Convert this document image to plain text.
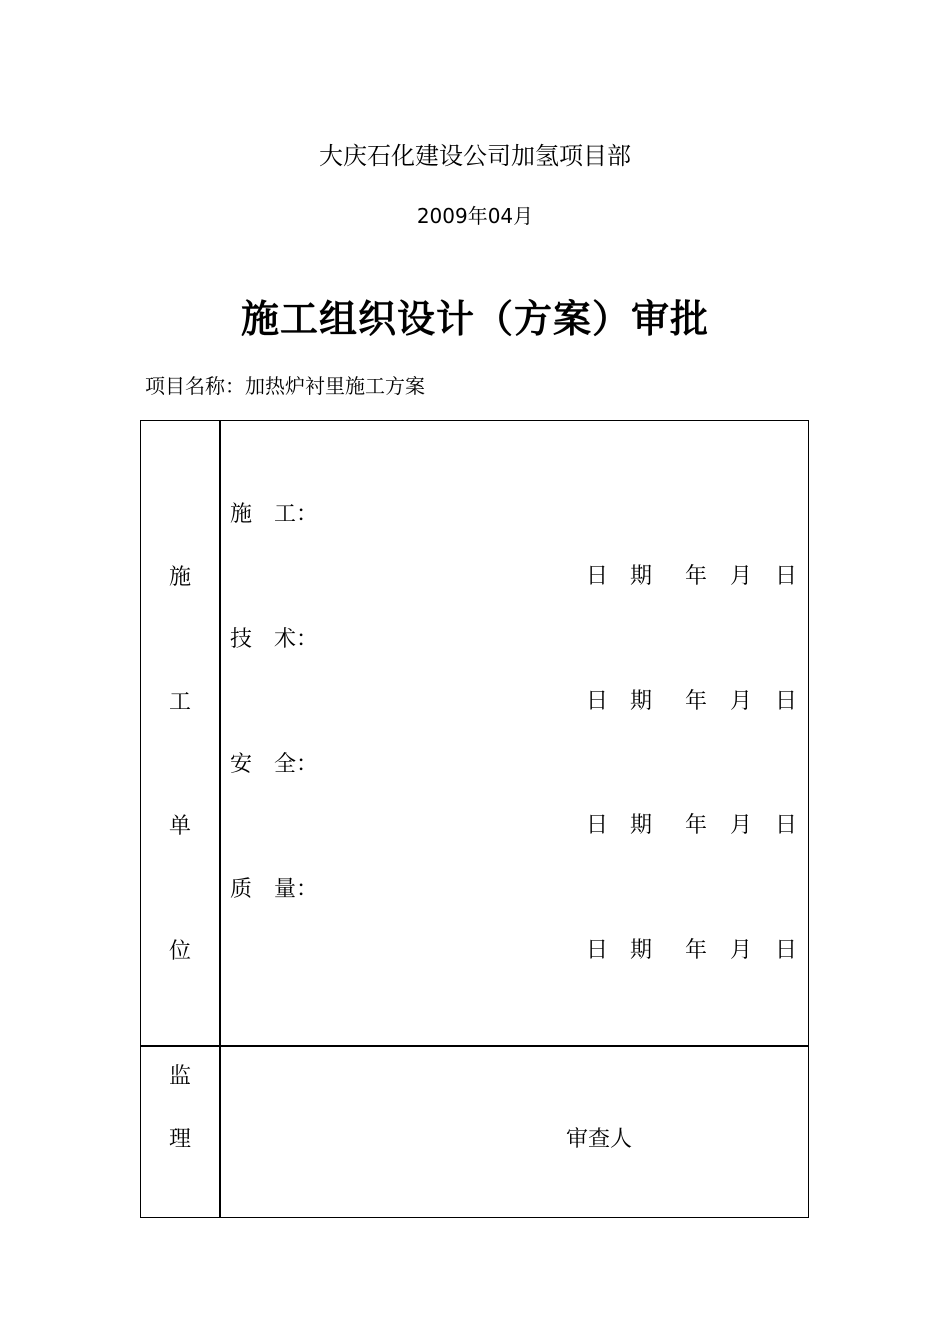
大庆石化建设公司加氢项目部
2009年04月
施工组织设计（方案）审批
项目名称：加热炉衬里施工方案
施
工
单
位
施 工：
技 术：
安 全：
质 量：
日 期 年 月 日
日 期 年 月 日
日 期 年 月 日
日 期 年 月 日
监
理	审查人
